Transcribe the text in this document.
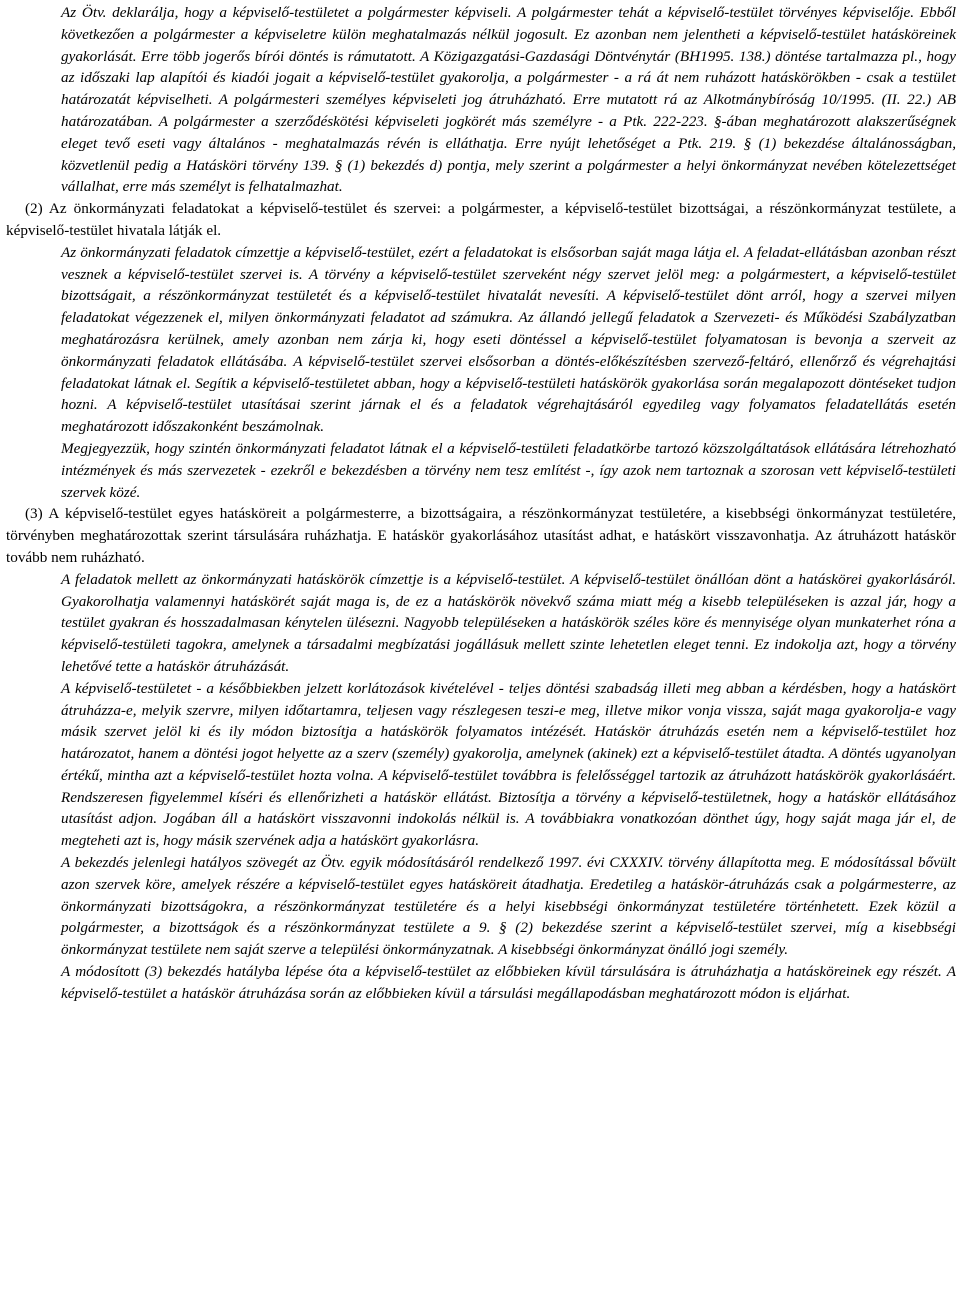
Az Ötv. deklarálja, hogy a képviselő-testületet a polgármester képviseli. A polgármester tehát a képviselő-testület törvényes képviselője. Ebből következően a polgármester a képviseletre külön meghatalmazás nélkül jogosult. Ez azonban nem jelentheti a képviselő-testület hatásköreinek gyakorlását. Erre több jogerős bírói döntés is rámutatott. A Közigazgatási-Gazdasági Döntvénytár (BH1995. 138.) döntése tartalmazza pl., hogy az időszaki lap alapítói és kiadói jogait a képviselő-testület gyakorolja, a polgármester - a rá át nem ruházott hatáskörökben - csak a testület határozatát képviselheti. A polgármesteri személyes képviseleti jog átruházható. Erre mutatott rá az Alkotmánybíróság 10/1995. (II. 22.) AB határozatában. A polgármester a szerződéskötési képviseleti jogkörét más személyre - a Ptk. 222-223. §-ában meghatározott alakszerűségnek eleget tevő eseti vagy általános - meghatalmazás révén is elláthatja. Erre nyújt lehetőséget a Ptk. 219. § (1) bekezdése általánosságban, közvetlenül pedig a Hatásköri törvény 139. § (1) bekezdés d) pontja, mely szerint a polgármester a helyi önkormányzat nevében kötelezettséget vállalhat, erre más személyt is felhatalmazhat.

(2) Az önkormányzati feladatokat a képviselő-testület és szervei: a polgármester, a képviselő-testület bizottságai, a részönkormányzat testülete, a képviselő-testület hivatala látják el.

Az önkormányzati feladatok címzettje a képviselő-testület, ezért a feladatokat is elsősorban saját maga látja el. A feladat-ellátásban azonban részt vesznek a képviselő-testület szervei is. A törvény a képviselő-testület szerveként négy szervet jelöl meg: a polgármestert, a képviselő-testület bizottságait, a részönkormányzat testületét és a képviselő-testület hivatalát nevesíti. A képviselő-testület dönt arról, hogy a szervei milyen feladatokat végezzenek el, milyen önkormányzati feladatot ad számukra. Az állandó jellegű feladatok a Szervezeti- és Működési Szabályzatban meghatározásra kerülnek, amely azonban nem zárja ki, hogy eseti döntéssel a képviselő-testület folyamatosan is bevonja a szerveit az önkormányzati feladatok ellátásába. A képviselő-testület szervei elsősorban a döntés-előkészítésben szervező-feltáró, ellenőrző és végrehajtási feladatokat látnak el. Segítik a képviselő-testületet abban, hogy a képviselő-testületi hatáskörök gyakorlása során megalapozott döntéseket tudjon hozni. A képviselő-testület utasításai szerint járnak el és a feladatok végrehajtásáról egyedileg vagy folyamatos feladatellátás esetén meghatározott időszakonként beszámolnak.

Megjegyezzük, hogy szintén önkormányzati feladatot látnak el a képviselő-testületi feladatkörbe tartozó közszolgáltatások ellátására létrehozható intézmények és más szervezetek - ezekről e bekezdésben a törvény nem tesz említést -, így azok nem tartoznak a szorosan vett képviselő-testületi szervek közé.

(3) A képviselő-testület egyes hatásköreit a polgármesterre, a bizottságaira, a részönkormányzat testületére, a kisebbségi önkormányzat testületére, törvényben meghatározottak szerint társulására ruházhatja. E hatáskör gyakorlásához utasítást adhat, e hatáskört visszavonhatja. Az átruházott hatáskör tovább nem ruházható.

A feladatok mellett az önkormányzati hatáskörök címzettje is a képviselő-testület. A képviselő-testület önállóan dönt a hatáskörei gyakorlásáról. Gyakorolhatja valamennyi hatáskörét saját maga is, de ez a hatáskörök növekvő száma miatt még a kisebb településeken is azzal jár, hogy a testület gyakran és hosszadalmasan kénytelen ülésezni. Nagyobb településeken a hatáskörök széles köre és mennyisége olyan munkaterhet róna a képviselő-testületi tagokra, amelynek a társadalmi megbízatási jogállásuk mellett szinte lehetetlen eleget tenni. Ez indokolja azt, hogy a törvény lehetővé tette a hatáskör átruházását.

A képviselő-testületet - a későbbiekben jelzett korlátozások kivételével - teljes döntési szabadság illeti meg abban a kérdésben, hogy a hatáskört átruházza-e, melyik szervre, milyen időtartamra, teljesen vagy részlegesen teszi-e meg, illetve mikor vonja vissza, saját maga gyakorolja-e vagy másik szervet jelöl ki és ily módon biztosítja a hatáskörök folyamatos intézését. Hatáskör átruházás esetén nem a képviselő-testület hoz határozatot, hanem a döntési jogot helyette az a szerv (személy) gyakorolja, amelynek (akinek) ezt a képviselő-testület átadta. A döntés ugyanolyan értékű, mintha azt a képviselő-testület hozta volna. A képviselő-testület továbbra is felelősséggel tartozik az átruházott hatáskörök gyakorlásáért. Rendszeresen figyelemmel kíséri és ellenőrizheti a hatáskör ellátást. Biztosítja a törvény a képviselő-testületnek, hogy a hatáskör ellátásához utasítást adjon. Jogában áll a hatáskört visszavonni indokolás nélkül is. A továbbiakra vonatkozóan dönthet úgy, hogy saját maga jár el, de megteheti azt is, hogy másik szervének adja a hatáskört gyakorlásra.

A bekezdés jelenlegi hatályos szövegét az Ötv. egyik módosításáról rendelkező 1997. évi CXXXIV. törvény állapította meg. E módosítással bővült azon szervek köre, amelyek részére a képviselő-testület egyes hatásköreit átadhatja. Eredetileg a hatáskör-átruházás csak a polgármesterre, az önkormányzati bizottságokra, a részönkormányzat testületére és a helyi kisebbségi önkormányzat testületére történhetett. Ezek közül a polgármester, a bizottságok és a részönkormányzat testülete a 9. § (2) bekezdése szerint a képviselő-testület szervei, míg a kisebbségi önkormányzat testülete nem saját szerve a települési önkormányzatnak. A kisebbségi önkormányzat önálló jogi személy.

A módosított (3) bekezdés hatályba lépése óta a képviselő-testület az előbbieken kívül társulására is átruházhatja a hatásköreinek egy részét. A képviselő-testület a hatáskör átruházása során az előbbieken kívül a társulási megállapodásban meghatározott módon is eljárhat.
